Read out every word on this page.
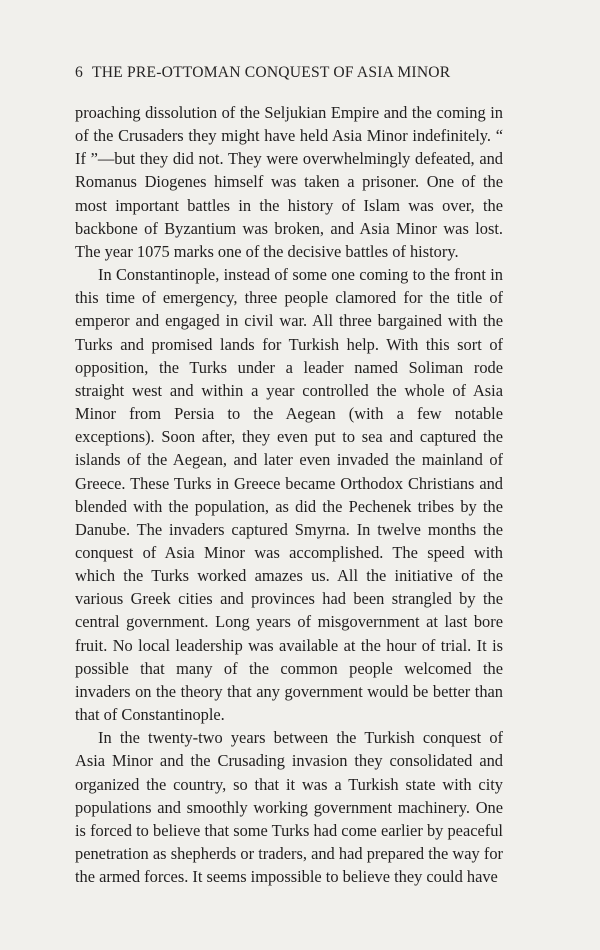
6 THE PRE-OTTOMAN CONQUEST OF ASIA MINOR

proaching dissolution of the Seljukian Empire and the coming in of the Crusaders they might have held Asia Minor indefinitely. “ If ”—but they did not. They were overwhelmingly defeated, and Romanus Diogenes himself was taken a prisoner. One of the most important battles in the history of Islam was over, the backbone of Byzantium was broken, and Asia Minor was lost. The year 1075 marks one of the decisive battles of history.

In Constantinople, instead of some one coming to the front in this time of emergency, three people clamored for the title of emperor and engaged in civil war. All three bargained with the Turks and promised lands for Turkish help. With this sort of opposition, the Turks under a leader named Soliman rode straight west and within a year controlled the whole of Asia Minor from Persia to the Aegean (with a few notable exceptions). Soon after, they even put to sea and captured the islands of the Aegean, and later even invaded the mainland of Greece. These Turks in Greece became Orthodox Christians and blended with the population, as did the Pechenek tribes by the Danube. The invaders captured Smyrna. In twelve months the conquest of Asia Minor was accomplished. The speed with which the Turks worked amazes us. All the initiative of the various Greek cities and provinces had been strangled by the central government. Long years of misgovernment at last bore fruit. No local leadership was available at the hour of trial. It is possible that many of the common people welcomed the invaders on the theory that any government would be better than that of Constantinople.

In the twenty-two years between the Turkish conquest of Asia Minor and the Crusading invasion they consolidated and organized the country, so that it was a Turkish state with city populations and smoothly working government machinery. One is forced to believe that some Turks had come earlier by peaceful penetration as shepherds or traders, and had prepared the way for the armed forces. It seems impossible to believe they could have
